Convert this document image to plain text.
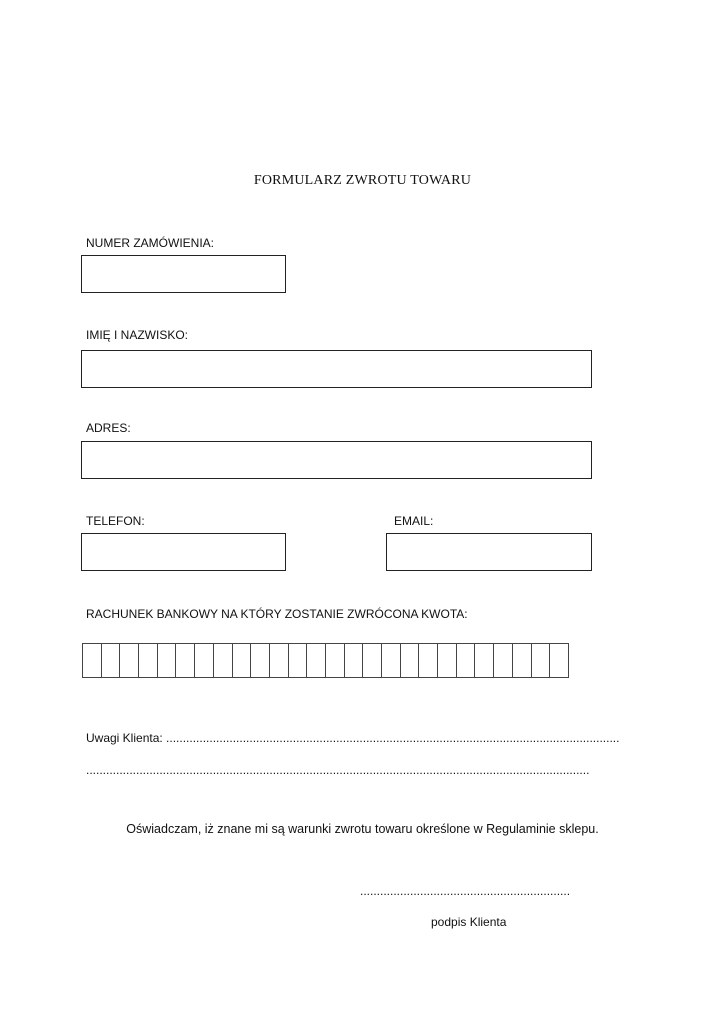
FORMULARZ ZWROTU TOWARU
NUMER ZAMÓWIENIA:
IMIĘ I NAZWISKO:
ADRES:
TELEFON:	EMAIL:
RACHUNEK BANKOWY NA KTÓRY ZOSTANIE ZWRÓCONA KWOTA:
Uwagi Klienta: ........................................................................................................................................
.......................................................................................................................................................
Oświadczam, iż znane mi są warunki zwrotu towaru określone w Regulaminie sklepu.
...............................................................
podpis Klienta
